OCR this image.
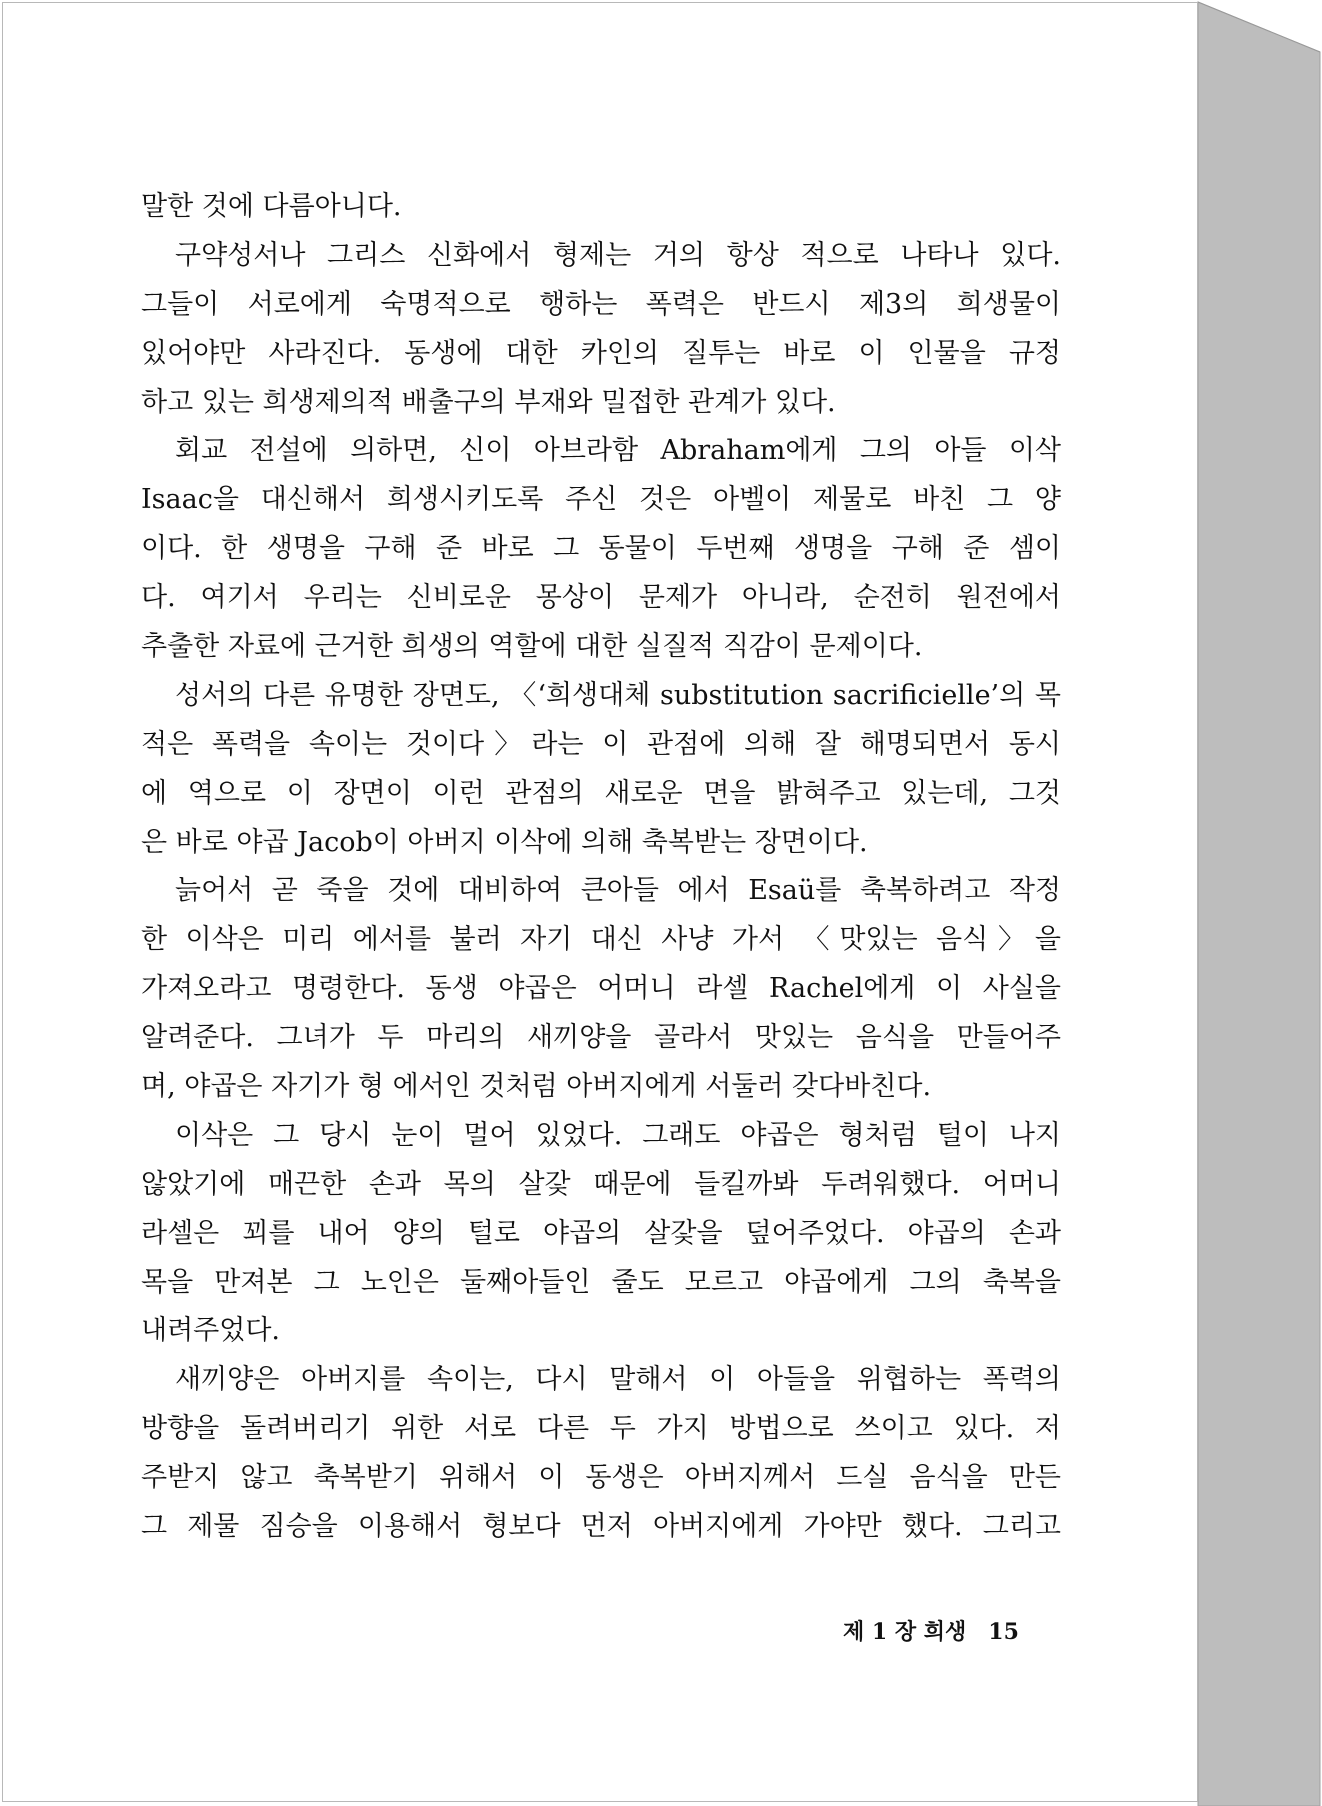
말한 것에 다름아니다.
구약성서나 그리스 신화에서 형제는 거의 항상 적으로 나타나 있다.
그들이 서로에게 숙명적으로 행하는 폭력은 반드시 제3의 희생물이
있어야만 사라진다. 동생에 대한 카인의 질투는 바로 이 인물을 규정
하고 있는 희생제의적 배출구의 부재와 밀접한 관계가 있다.
회교 전설에 의하면, 신이 아브라함 Abraham에게 그의 아들 이삭
Isaac을 대신해서 희생시키도록 주신 것은 아벨이 제물로 바친 그 양
이다. 한 생명을 구해 준 바로 그 동물이 두번째 생명을 구해 준 셈이
다. 여기서 우리는 신비로운 몽상이 문제가 아니라, 순전히 원전에서
추출한 자료에 근거한 희생의 역할에 대한 실질적 직감이 문제이다.
성서의 다른 유명한 장면도, 〈‘희생대체 substitution sacrificielle’의 목
적은 폭력을 속이는 것이다〉라는 이 관점에 의해 잘 해명되면서 동시
에 역으로 이 장면이 이런 관점의 새로운 면을 밝혀주고 있는데, 그것
은 바로 야곱 Jacob이 아버지 이삭에 의해 축복받는 장면이다.
늙어서 곧 죽을 것에 대비하여 큰아들 에서 Esaü를 축복하려고 작정
한 이삭은 미리 에서를 불러 자기 대신 사냥 가서 〈맛있는 음식〉을
가져오라고 명령한다. 동생 야곱은 어머니 라셀 Rachel에게 이 사실을
알려준다. 그녀가 두 마리의 새끼양을 골라서 맛있는 음식을 만들어주
며, 야곱은 자기가 형 에서인 것처럼 아버지에게 서둘러 갖다바친다.
이삭은 그 당시 눈이 멀어 있었다. 그래도 야곱은 형처럼 털이 나지
않았기에 매끈한 손과 목의 살갗 때문에 들킬까봐 두려워했다. 어머니
라셀은 꾀를 내어 양의 털로 야곱의 살갗을 덮어주었다. 야곱의 손과
목을 만져본 그 노인은 둘째아들인 줄도 모르고 야곱에게 그의 축복을
내려주었다.
새끼양은 아버지를 속이는, 다시 말해서 이 아들을 위협하는 폭력의
방향을 돌려버리기 위한 서로 다른 두 가지 방법으로 쓰이고 있다. 저
주받지 않고 축복받기 위해서 이 동생은 아버지께서 드실 음식을 만든
그 제물 짐승을 이용해서 형보다 먼저 아버지에게 가야만 했다. 그리고
제 1 장 희생 15
